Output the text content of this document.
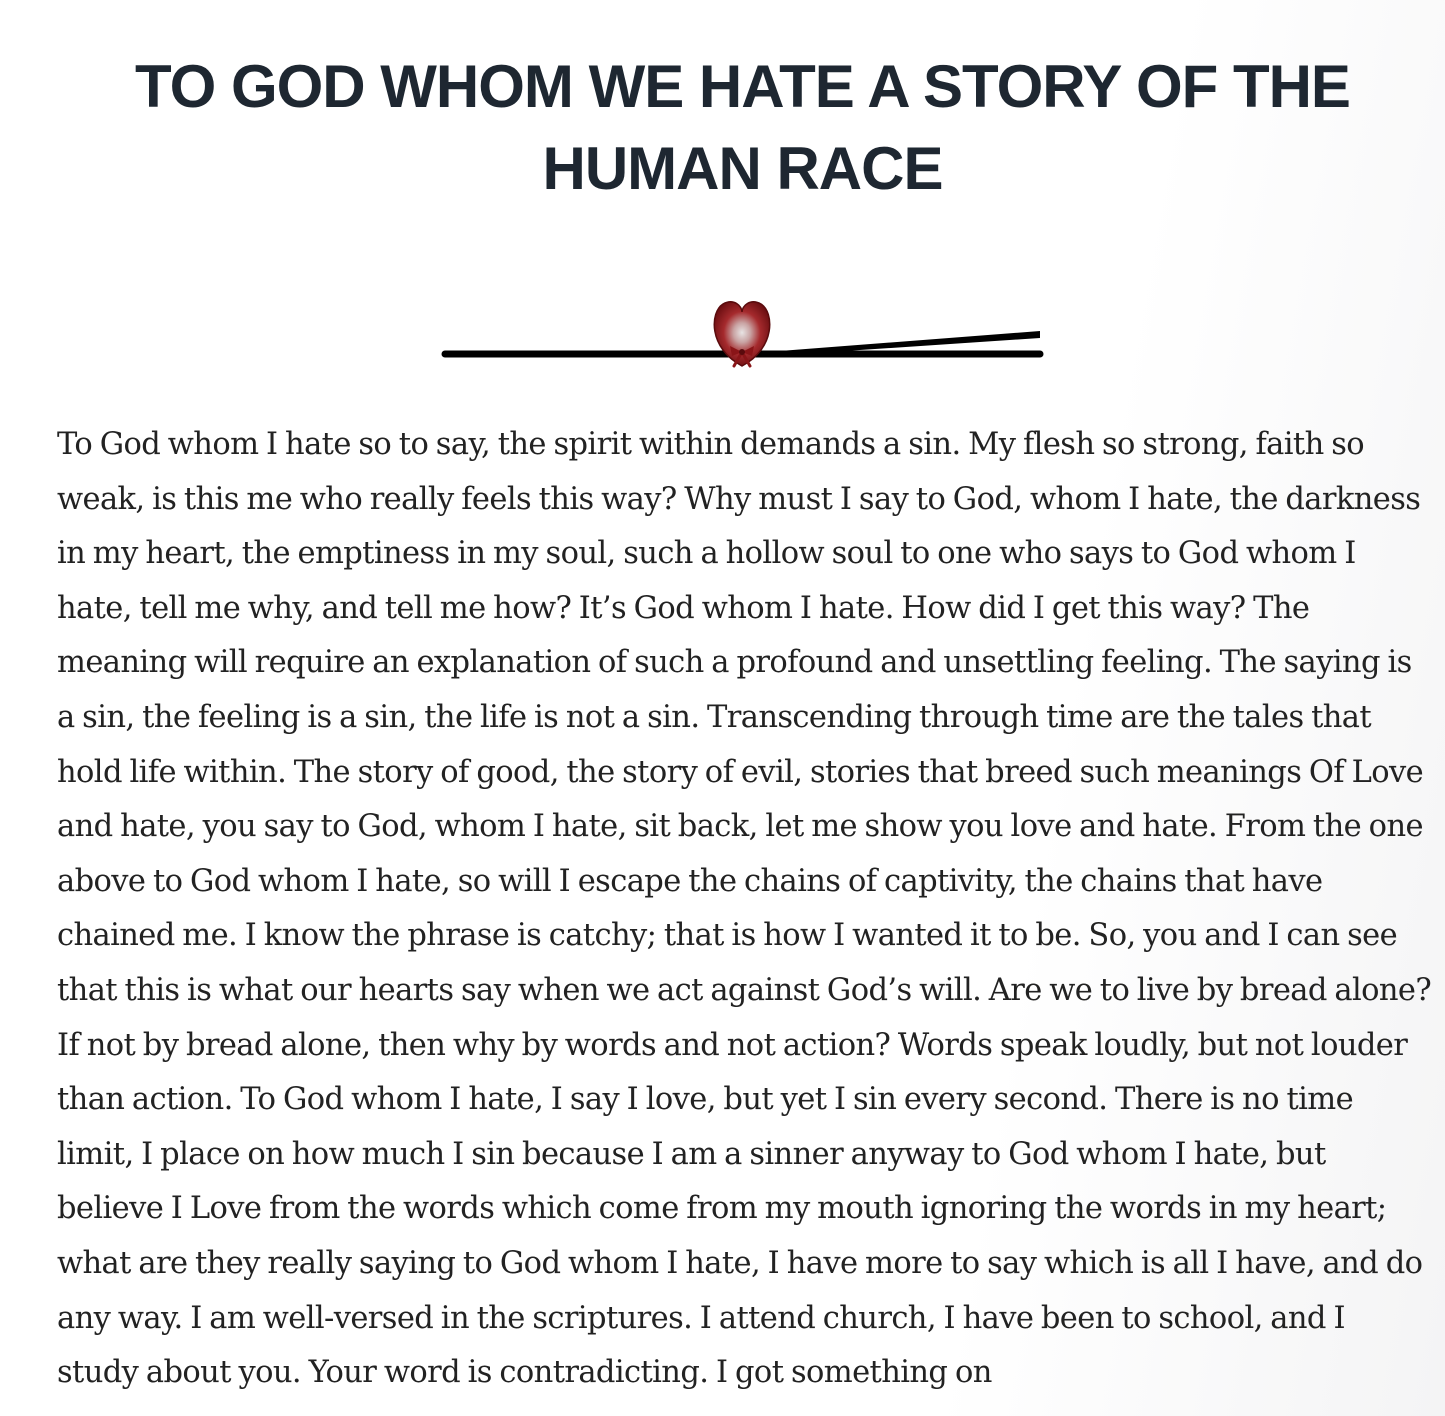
TO GOD WHOM WE HATE A STORY OF THE HUMAN RACE

To God whom I hate so to say, the spirit within demands a sin. My flesh so strong, faith so weak, is this me who really feels this way? Why must I say to God, whom I hate, the darkness in my heart, the emptiness in my soul, such a hollow soul to one who says to God whom I hate, tell me why, and tell me how? It’s God whom I hate. How did I get this way? The meaning will require an explanation of such a profound and unsettling feeling. The saying is a sin, the feeling is a sin, the life is not a sin. Transcending through time are the tales that hold life within. The story of good, the story of evil, stories that breed such meanings Of Love and hate, you say to God, whom I hate, sit back, let me show you love and hate. From the one above to God whom I hate, so will I escape the chains of captivity, the chains that have chained me. I know the phrase is catchy; that is how I wanted it to be. So, you and I can see that this is what our hearts say when we act against God’s will. Are we to live by bread alone? If not by bread alone, then why by words and not action? Words speak loudly, but not louder than action. To God whom I hate, I say I love, but yet I sin every second. There is no time limit, I place on how much I sin because I am a sinner anyway to God whom I hate, but believe I Love from the words which come from my mouth ignoring the words in my heart; what are they really saying to God whom I hate, I have more to say which is all I have, and do any way. I am well-versed in the scriptures. I attend church, I have been to school, and I study about you. Your word is contradicting. I got something on
